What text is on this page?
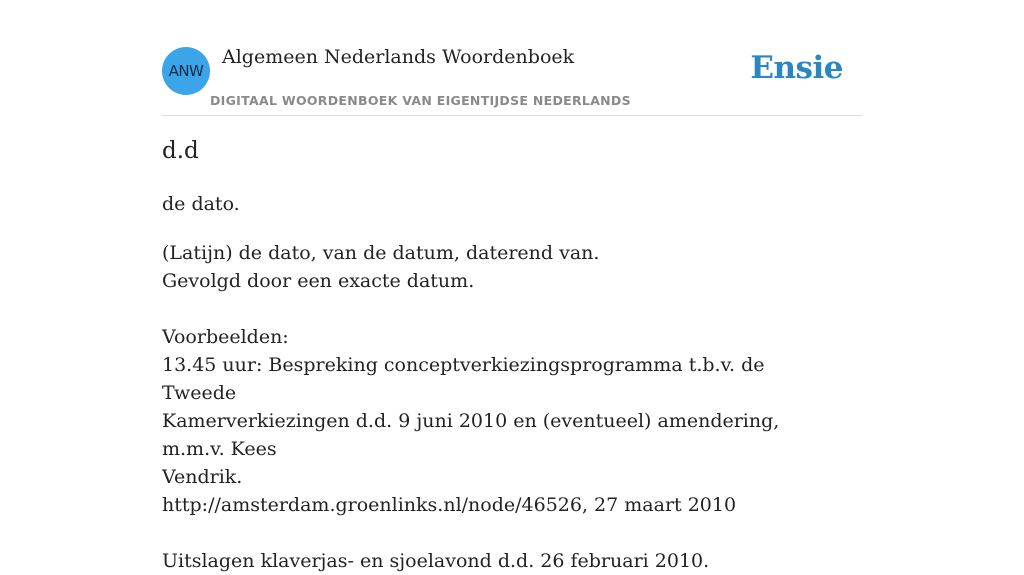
ANW
Algemeen Nederlands Woordenboek
DIGITAAL WOORDENBOEK VAN EIGENTIJDSE NEDERLANDS
Ensie
d.d

de dato.

(Latijn) de dato, van de datum, daterend van.
Gevolgd door een exacte datum.
Voorbeelden:
13.45 uur: Bespreking conceptverkiezingsprogramma t.b.v. de Tweede
Kamerverkiezingen d.d. 9 juni 2010 en (eventueel) amendering, m.m.v. Kees
Vendrik.
http://amsterdam.groenlinks.nl/node/46526, 27 maart 2010
Uitslagen klaverjas- en sjoelavond d.d. 26 februari 2010.
